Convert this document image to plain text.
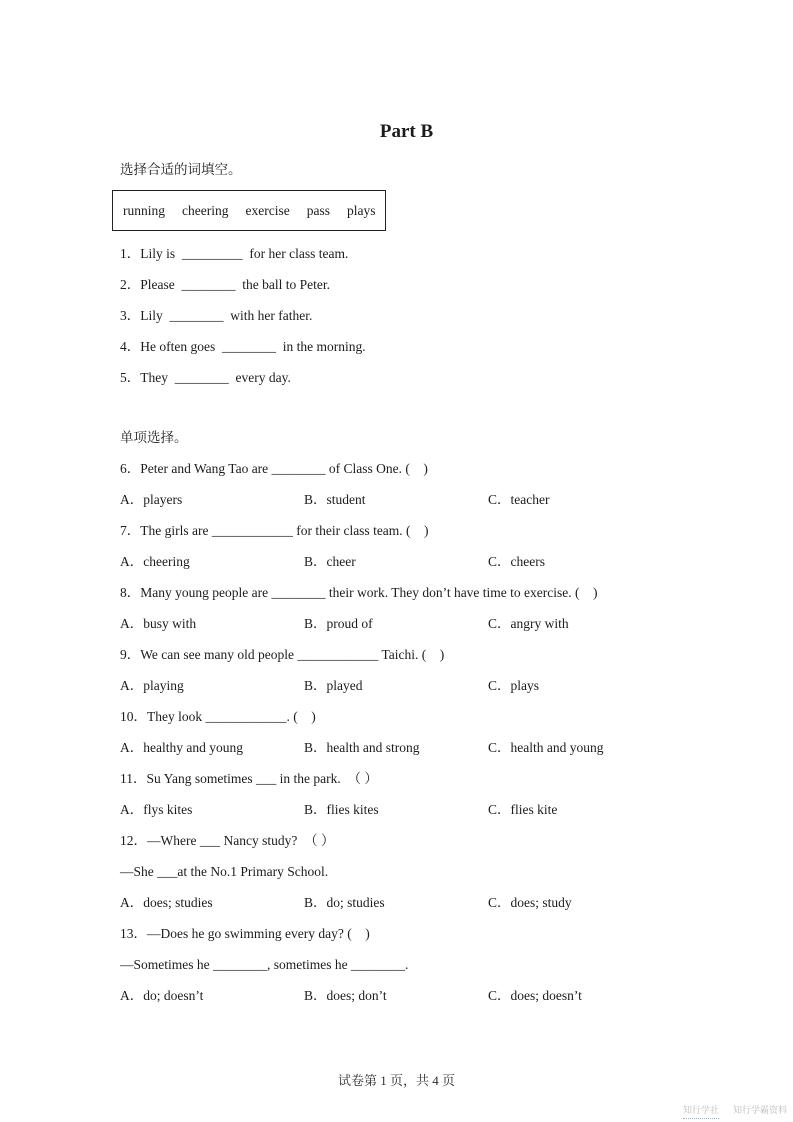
Part B

选择合适的词填空。

running cheering exercise pass plays

1．Lily is  _________  for her class team.

2．Please  ________  the ball to Peter.

3．Lily  ________  with her father.

4．He often goes  ________  in the morning.

5．They  ________  every day.

单项选择。

6．Peter and Wang Tao are ________ of Class One. (　)

A．players	B．student	C．teacher

7．The girls are ____________ for their class team. (　)

A．cheering	B．cheer	C．cheers

8．Many young people are ________ their work. They don’t have time to exercise. (　)

A．busy with	B．proud of	C．angry with

9．We can see many old people ____________ Taichi. (　)

A．playing	B．played	C．plays

10．They look ____________. (　)

A．healthy and young	B．health and strong	C．health and young

11．Su Yang sometimes ___ in the park.　（ ）

A．flys kites	B．flies kites	C．flies kite

12．—Where ___ Nancy study?　（ ）

—She ___at the No.1 Primary School.

A．does; studies	B．do; studies	C．does; study

13．—Does he go swimming every day? (　)

—Sometimes he ________, sometimes he ________.

A．do; doesn’t	B．does; don’t	C．does; doesn’t
试卷第 1 页，共 4 页
知行学社 知行学霸资料
